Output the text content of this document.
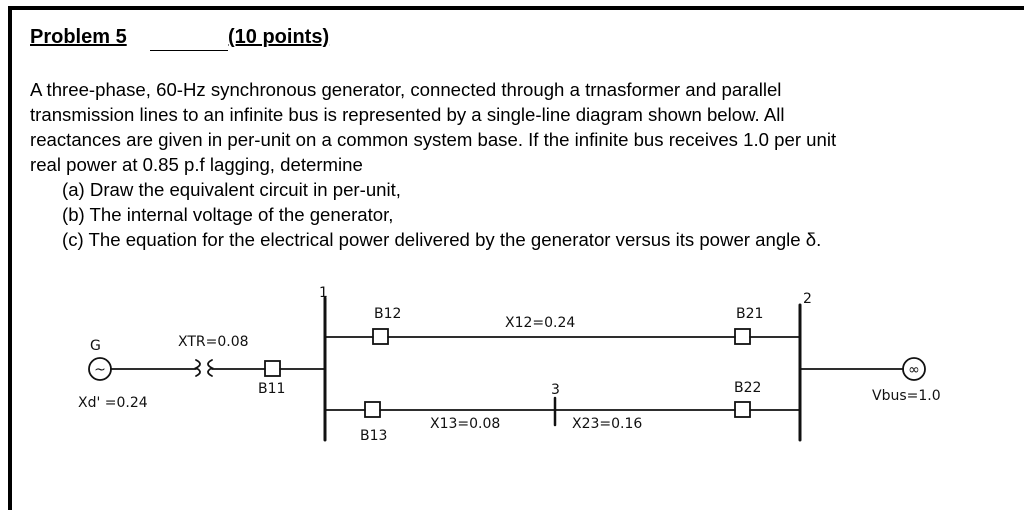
Problem 5	(10 points)

A three-phase, 60-Hz synchronous generator, connected through a trnasformer and parallel

transmission lines to an infinite bus is represented by a single-line diagram shown below. All

reactances are given in per-unit on a common system base. If the infinite bus receives 1.0 per unit

real power at 0.85 p.f lagging, determine

(a) Draw the equivalent circuit in per-unit,

(b) The internal voltage of the generator,

(c) The equation for the electrical power delivered by the generator versus its power angle δ.

~
G
Xd' =0.24
XTR=0.08
B11
1
B12
X12=0.24
B21
B13
X13=0.08
3
X23=0.16
B22
2
∞
Vbus=1.0
